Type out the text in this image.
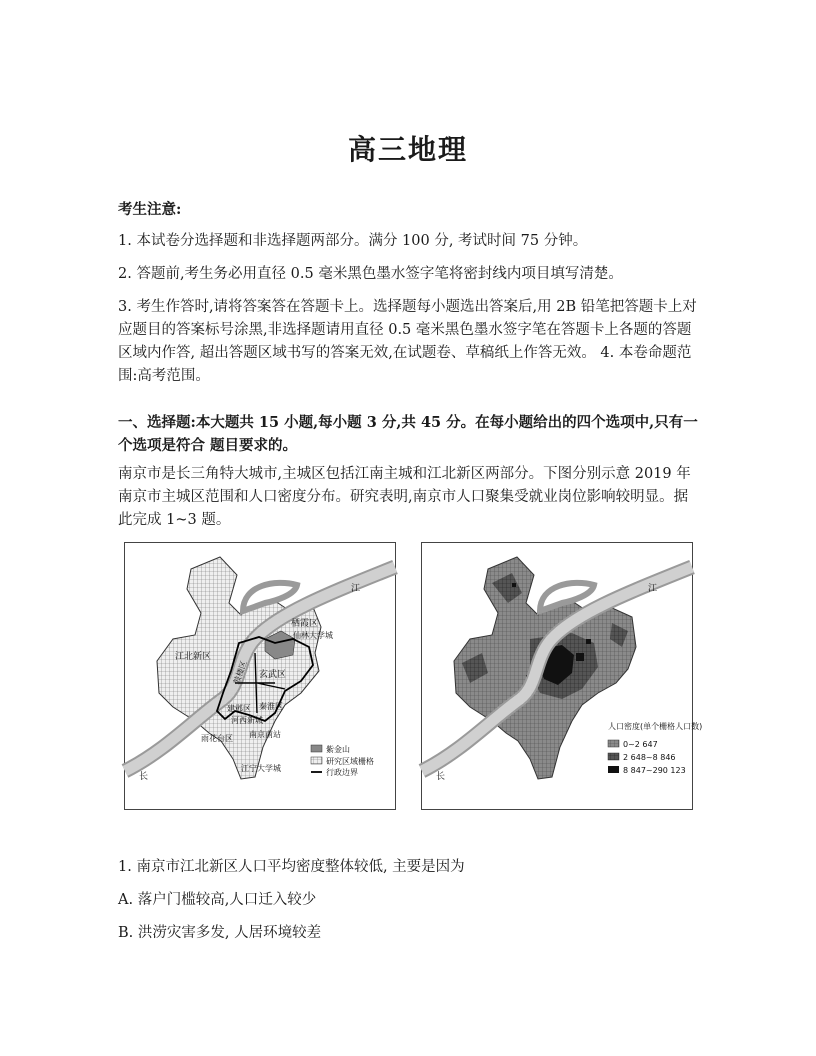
高三地理

考生注意:

1. 本试卷分选择题和非选择题两部分。满分 100 分, 考试时间 75 分钟。

2. 答题前,考生务必用直径 0.5 毫米黑色墨水签字笔将密封线内项目填写清楚。

3. 考生作答时,请将答案答在答题卡上。选择题每小题选出答案后,用 2B 铅笔把答题卡上对应题目的答案标号涂黑,非选择题请用直径 0.5 毫米黑色墨水签字笔在答题卡上各题的答题区域内作答, 超出答题区域书写的答案无效,在试题卷、草稿纸上作答无效。 4. 本卷命题范围:高考范围。

一、选择题:本大题共 15 小题,每小题 3 分,共 45 分。在每小题给出的四个选项中,只有一个选项是符合 题目要求的。

南京市是长三角特大城市,主城区包括江南主城和江北新区两部分。下图分别示意 2019 年南京市主城区范围和人口密度分布。研究表明,南京市人口聚集受就业岗位影响较明显。据此完成 1~3 题。

栖霞区
仙林大学城
江北新区
鼓楼区 玄武区
建邺区
河西新城
秦淮区
雨花台区 南京南站
江宁大学城
江
长
紫金山
研究区域栅格
行政边界
江
长
人口密度(单个栅格人口数)
0~2 647
2 648~8 846
8 847~290 123

1. 南京市江北新区人口平均密度整体较低, 主要是因为

A. 落户门槛较高,人口迁入较少

B. 洪涝灾害多发, 人居环境较差
